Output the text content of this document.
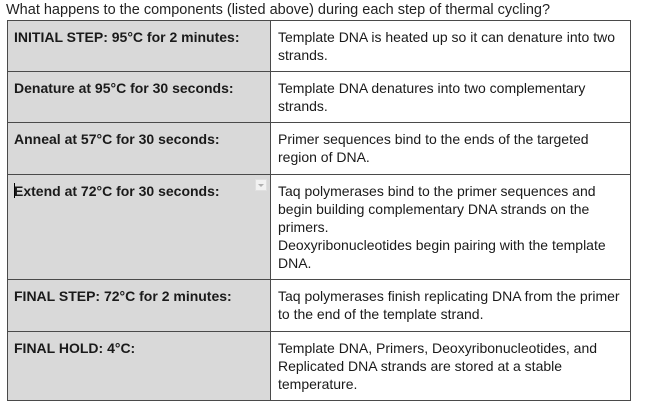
What happens to the components (listed above) during each step of thermal cycling?
INITIAL STEP: 95°C for 2 minutes:	Template DNA is heated up so it can denature into two strands.

Denature at 95°C for 30 seconds:	Template DNA denatures into two complementary strands.

Anneal at 57°C for 30 seconds:	Primer sequences bind to the ends of the targeted region of DNA.

Extend at 72°C for 30 seconds:	Taq polymerases bind to the primer sequences and begin building complementary DNA strands on the primers.
Deoxyribonucleotides begin pairing with the template DNA.

FINAL STEP: 72°C for 2 minutes:	Taq polymerases finish replicating DNA from the primer to the end of the template strand.

FINAL HOLD: 4°C:	Template DNA, Primers, Deoxyribonucleotides, and Replicated DNA strands are stored at a stable temperature.
